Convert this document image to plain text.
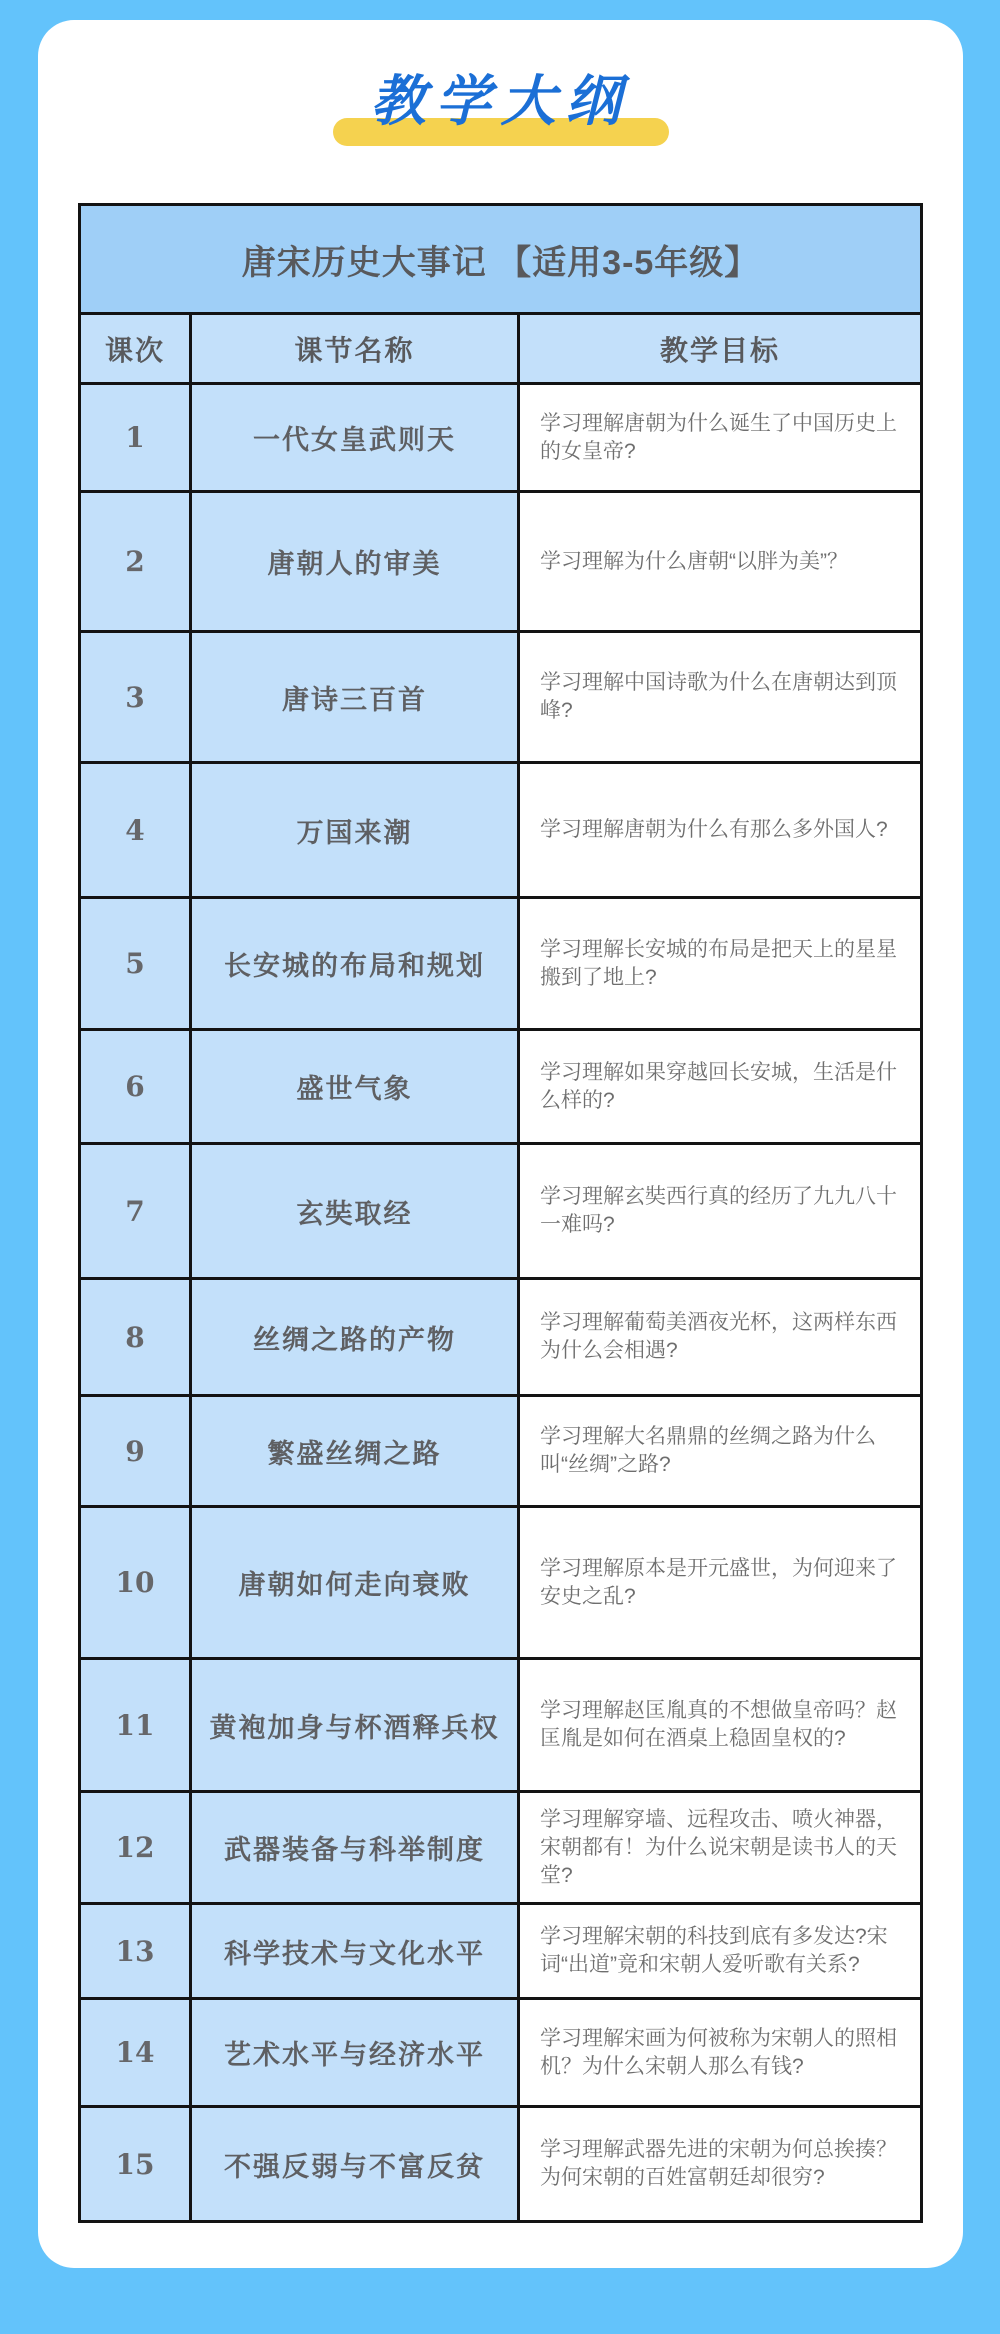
教学大纲
唐宋历史大事记 【适用3-5年级】		
课次	课节名称	教学目标
1	一代女皇武则天	学习理解唐朝为什么诞生了中国历史上的女皇帝?
2	唐朝人的审美	学习理解为什么唐朝“以胖为美”？
3	唐诗三百首	学习理解中国诗歌为什么在唐朝达到顶峰?
4	万国来潮	学习理解唐朝为什么有那么多外国人?
5	长安城的布局和规划	学习理解长安城的布局是把天上的星星搬到了地上?
6	盛世气象	学习理解如果穿越回长安城，生活是什么样的?
7	玄奘取经	学习理解玄奘西行真的经历了九九八十一难吗?
8	丝绸之路的产物	学习理解葡萄美酒夜光杯，这两样东西为什么会相遇?
9	繁盛丝绸之路	学习理解大名鼎鼎的丝绸之路为什么叫“丝绸”之路?
10	唐朝如何走向衰败	学习理解原本是开元盛世，为何迎来了安史之乱?
11	黄袍加身与杯酒释兵权	学习理解赵匡胤真的不想做皇帝吗？赵匡胤是如何在酒桌上稳固皇权的?
12	武器装备与科举制度	学习理解穿墙、远程攻击、喷火神器，宋朝都有！为什么说宋朝是读书人的天堂?
13	科学技术与文化水平	学习理解宋朝的科技到底有多发达?宋词“出道”竟和宋朝人爱听歌有关系?
14	艺术水平与经济水平	学习理解宋画为何被称为宋朝人的照相机？为什么宋朝人那么有钱?
15	不强反弱与不富反贫	学习理解武器先进的宋朝为何总挨揍？为何宋朝的百姓富朝廷却很穷?
